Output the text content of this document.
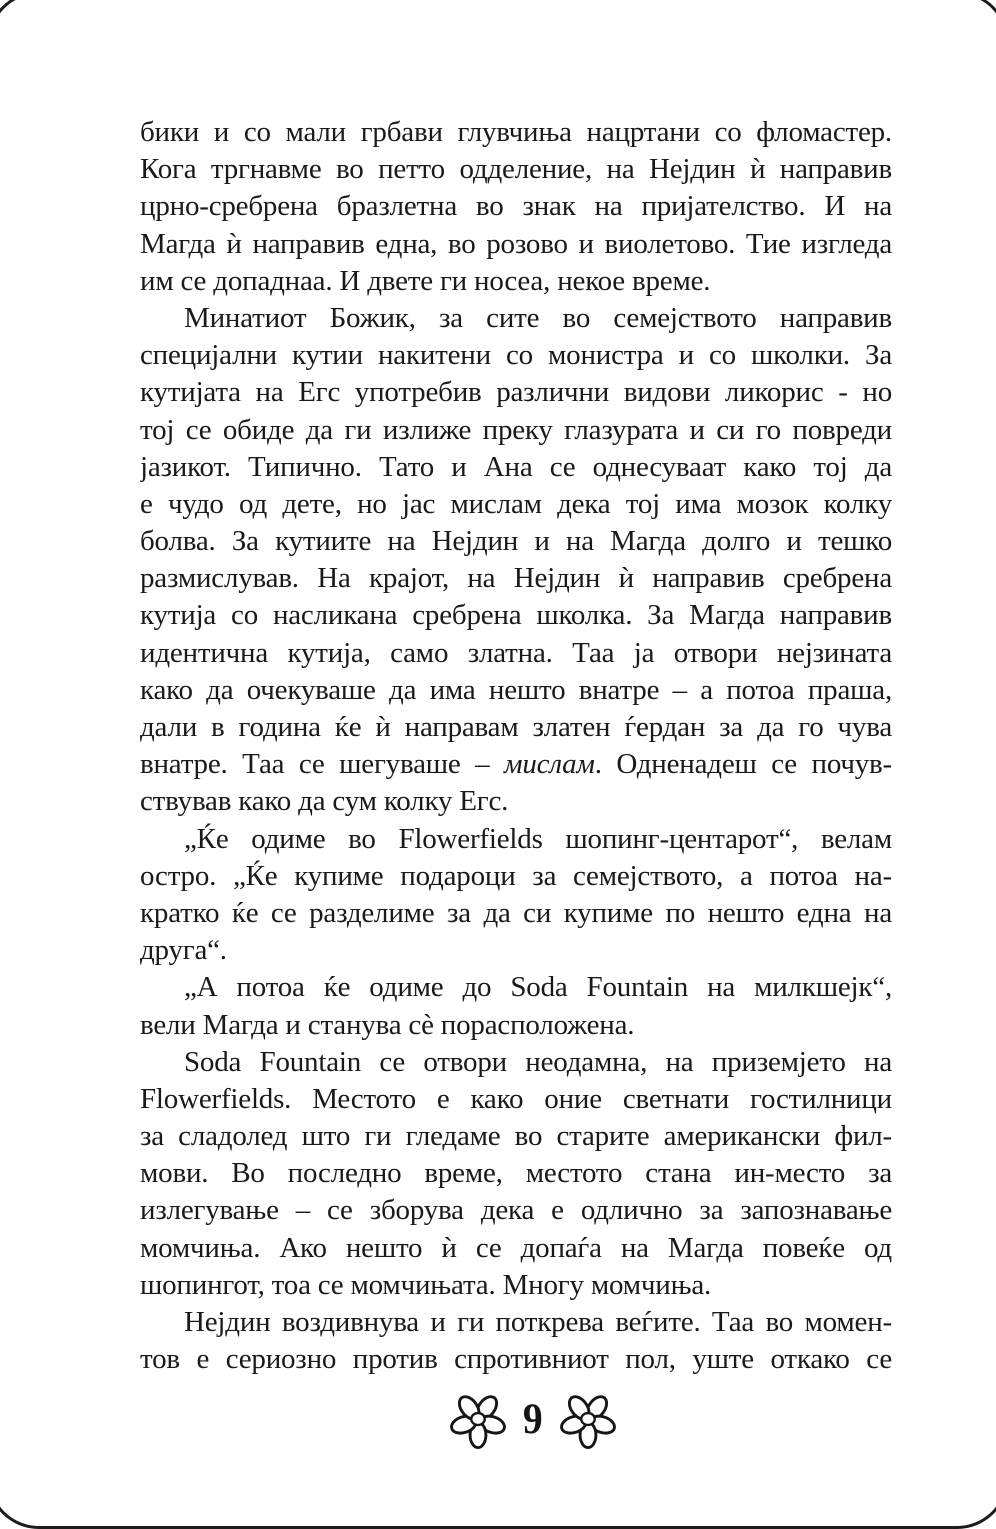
бики и со мали грбави глувчиња нацртани со фломастер.
Кога тргнавме во петто одделение, на Нејдин ѝ направив
црно-сребрена бразлетна во знак на пријателство. И на
Магда ѝ направив една, во розово и виолетово. Тие изгледа
им се допаднаа. И двете ги носеа, некое време.
Минатиот Божик, за сите во семејството направив
специјални кутии накитени со монистра и со школки. За
кутијата на Егс употребив различни видови ликорис - но
тој се обиде да ги излиже преку глазурата и си го повреди
јазикот. Типично. Тато и Ана се однесуваат како тој да
е чудо од дете, но јас мислам дека тој има мозок колку
болва. За кутиите на Нејдин и на Магда долго и тешко
размислував. На крајот, на Нејдин ѝ направив сребрена
кутија со насликана сребрена школка. За Магда направив
идентична кутија, само златна. Таа ја отвори нејзината
како да очекуваше да има нешто внатре – а потоа праша,
дали в година ќе ѝ направам златен ѓердан за да го чува
внатре. Таа се шегуваше – мислам. Одненадеш се почув-
ствував како да сум колку Егс.
„Ќе одиме во Flowerfields шопинг-центарот“, велам
остро. „Ќе купиме подароци за семејството, а потоа на-
кратко ќе се разделиме за да си купиме по нешто една на
друга“.
„А потоа ќе одиме до Soda Fountain на милкшејк“,
вели Магда и станува сѐ порасположена.
Soda Fountain се отвори неодамна, на приземјето на
Flowerfields. Местото е како оние светнати гостилници
за сладолед што ги гледаме во старите американски фил-
мови. Во последно време, местото стана ин-место за
излегување – се зборува дека е одлично за запознавање
момчиња. Ако нешто ѝ се допаѓа на Магда повеќе од
шопингот, тоа се момчињата. Многу момчиња.
Нејдин воздивнува и ги поткрева веѓите. Таа во момен-
тов е сериозно против спротивниот пол, уште откако се
9
